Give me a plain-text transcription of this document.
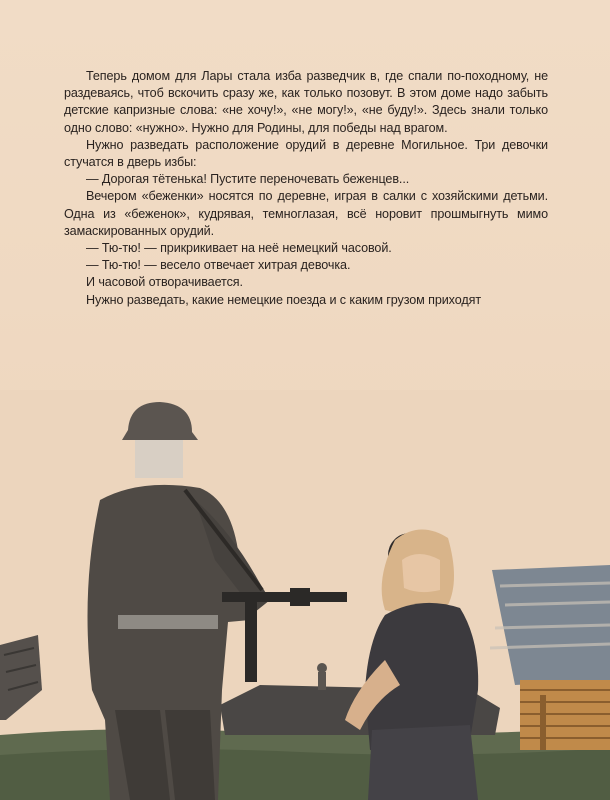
Теперь домом для Лары стала изба разведчик в, где спали по-походному, не раздеваясь, чтоб вскочить сразу же, как только позовут. В этом доме надо забыть детские капризные слова: «не хочу!», «не могу!», «не буду!». Здесь знали только одно слово: «нужно». Нужно для Родины, для победы над врагом.

Нужно разведать расположение орудий в деревне Могильное. Три девочки стучатся в дверь избы:

— Дорогая тётенька! Пустите переночевать беженцев...

Вечером «беженки» носятся по деревне, играя в салки с хозяйскими детьми. Одна из «беженок», кудрявая, темноглазая, всё норовит прошмыгнуть мимо замаскированных орудий.

— Тю-тю! — прикрикивает на неё немецкий часовой.

— Тю-тю! — весело отвечает хитрая девочка.

И часовой отворачивается.

Нужно разведать, какие немецкие поезда и с каким грузом приходят
